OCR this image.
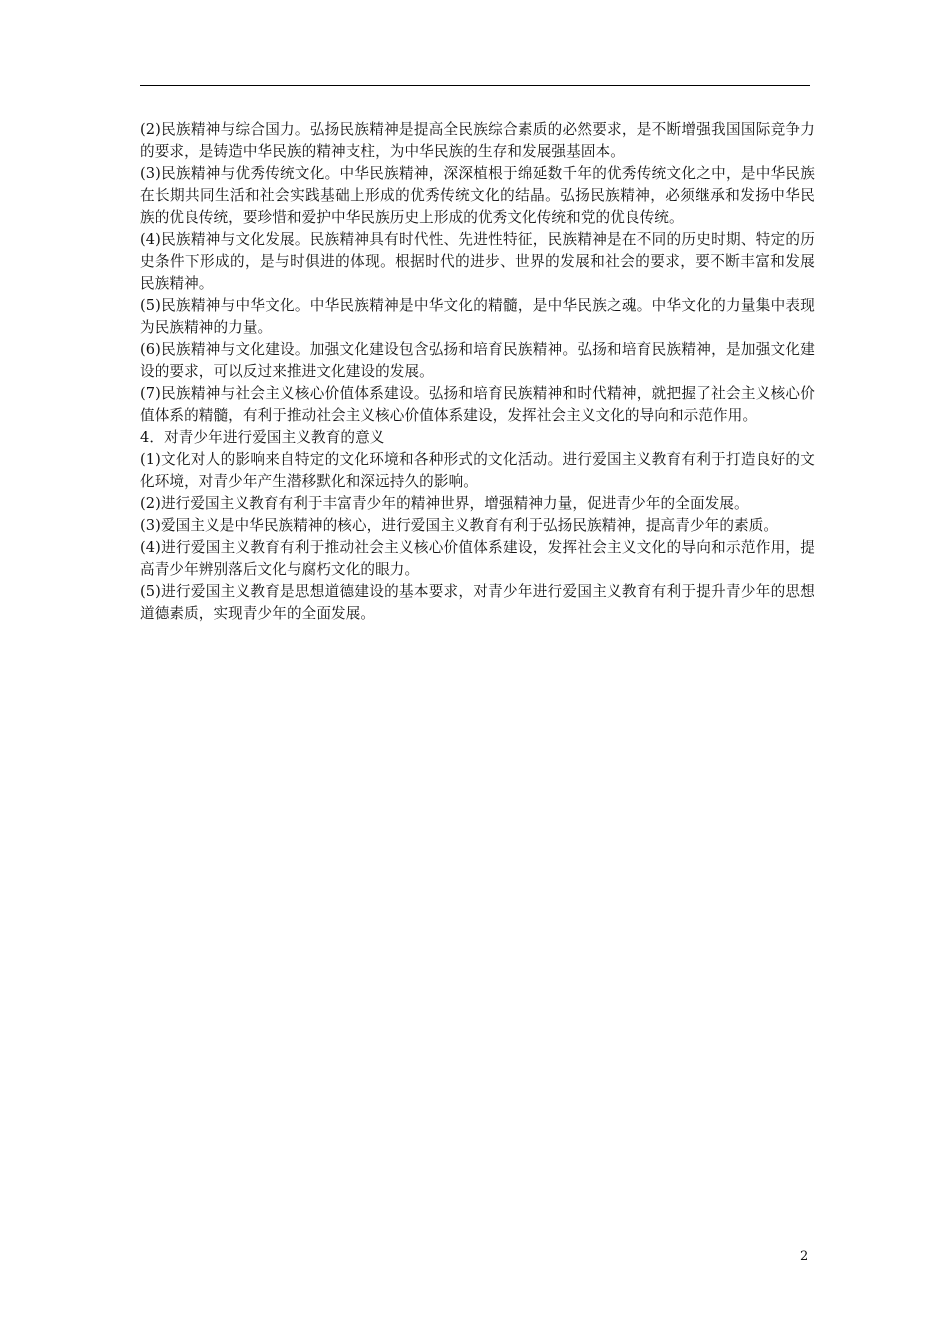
(2)民族精神与综合国力。弘扬民族精神是提高全民族综合素质的必然要求，是不断增强我国国际竞争力的要求，是铸造中华民族的精神支柱，为中华民族的生存和发展强基固本。

(3)民族精神与优秀传统文化。中华民族精神，深深植根于绵延数千年的优秀传统文化之中，是中华民族在长期共同生活和社会实践基础上形成的优秀传统文化的结晶。弘扬民族精神，必须继承和发扬中华民族的优良传统，要珍惜和爱护中华民族历史上形成的优秀文化传统和党的优良传统。

(4)民族精神与文化发展。民族精神具有时代性、先进性特征，民族精神是在不同的历史时期、特定的历史条件下形成的，是与时俱进的体现。根据时代的进步、世界的发展和社会的要求，要不断丰富和发展民族精神。

(5)民族精神与中华文化。中华民族精神是中华文化的精髓，是中华民族之魂。中华文化的力量集中表现为民族精神的力量。

(6)民族精神与文化建设。加强文化建设包含弘扬和培育民族精神。弘扬和培育民族精神，是加强文化建设的要求，可以反过来推进文化建设的发展。

(7)民族精神与社会主义核心价值体系建设。弘扬和培育民族精神和时代精神，就把握了社会主义核心价值体系的精髓，有利于推动社会主义核心价值体系建设，发挥社会主义文化的导向和示范作用。

4．对青少年进行爱国主义教育的意义

(1)文化对人的影响来自特定的文化环境和各种形式的文化活动。进行爱国主义教育有利于打造良好的文化环境，对青少年产生潜移默化和深远持久的影响。

(2)进行爱国主义教育有利于丰富青少年的精神世界，增强精神力量，促进青少年的全面发展。

(3)爱国主义是中华民族精神的核心，进行爱国主义教育有利于弘扬民族精神，提高青少年的素质。

(4)进行爱国主义教育有利于推动社会主义核心价值体系建设，发挥社会主义文化的导向和示范作用，提高青少年辨别落后文化与腐朽文化的眼力。

(5)进行爱国主义教育是思想道德建设的基本要求，对青少年进行爱国主义教育有利于提升青少年的思想道德素质，实现青少年的全面发展。

2
